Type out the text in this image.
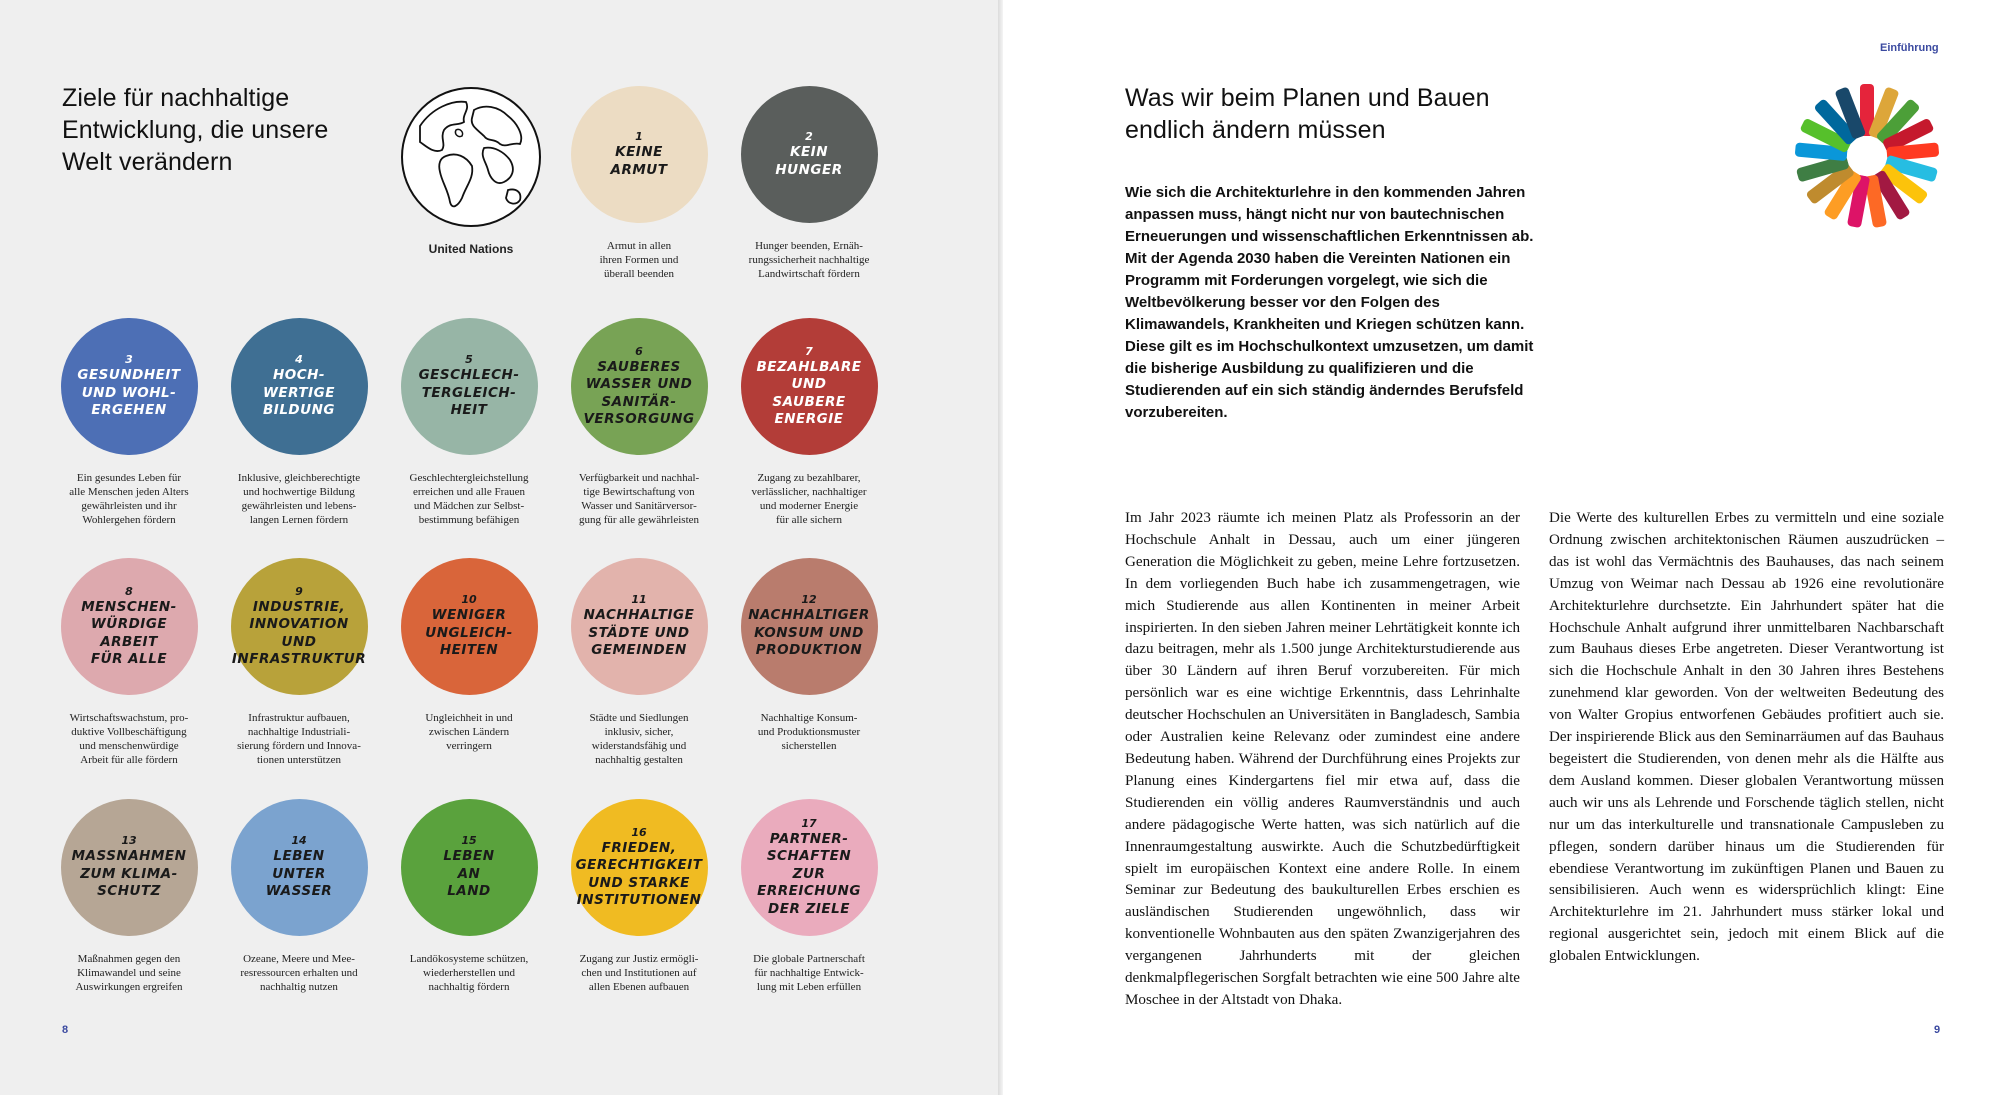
Ziele für nachhaltige
Entwicklung, die unsere
Welt verändern
United Nations
1
KEINE
ARMUT
Armut in allen
ihren Formen und
überall beenden
2
KEIN
HUNGER
Hunger beenden, Ernäh-
rungssicherheit nachhaltige
Landwirtschaft fördern
3
GESUNDHEIT
UND WOHL-
ERGEHEN
Ein gesundes Leben für
alle Menschen jeden Alters
gewährleisten und ihr
Wohlergehen fördern
4
HOCH-
WERTIGE
BILDUNG
Inklusive, gleichberechtigte
und hochwertige Bildung
gewährleisten und lebens-
langen Lernen fördern
5
GESCHLECH-
TERGLEICH-
HEIT
Geschlechtergleichstellung
erreichen und alle Frauen
und Mädchen zur Selbst-
bestimmung befähigen
6
SAUBERES
WASSER UND
SANITÄR-
VERSORGUNG
Verfügbarkeit und nachhal-
tige Bewirtschaftung von
Wasser und Sanitärversor-
gung für alle gewährleisten
7
BEZAHLBARE
UND SAUBERE
ENERGIE
Zugang zu bezahlbarer,
verlässlicher, nachhaltiger
und moderner Energie
für alle sichern
8
MENSCHEN-
WÜRDIGE
ARBEIT
FÜR ALLE
Wirtschaftswachstum, pro-
duktive Vollbeschäftigung
und menschenwürdige
Arbeit für alle fördern
9
INDUSTRIE,
INNOVATION UND
INFRASTRUKTUR
Infrastruktur aufbauen,
nachhaltige Industriali-
sierung fördern und Innova-
tionen unterstützen
10
WENIGER
UNGLEICH-
HEITEN
Ungleichheit in und
zwischen Ländern
verringern
11
NACHHALTIGE
STÄDTE UND
GEMEINDEN
Städte und Siedlungen
inklusiv, sicher,
widerstandsfähig und
nachhaltig gestalten
12
NACHHALTIGER
KONSUM UND
PRODUKTION
Nachhaltige Konsum-
und Produktionsmuster
sicherstellen
13
MASSNAHMEN
ZUM KLIMA-
SCHUTZ
Maßnahmen gegen den
Klimawandel und seine
Auswirkungen ergreifen
14
LEBEN
UNTER
WASSER
Ozeane, Meere und Mee-
resressourcen erhalten und
nachhaltig nutzen
15
LEBEN
AN
LAND
Landökosysteme schützen,
wiederherstellen und
nachhaltig fördern
16
FRIEDEN,
GERECHTIGKEIT
UND STARKE
INSTITUTIONEN
Zugang zur Justiz ermögli-
chen und Institutionen auf
allen Ebenen aufbauen
17
PARTNER-
SCHAFTEN ZUR
ERREICHUNG
DER ZIELE
Die globale Partnerschaft
für nachhaltige Entwick-
lung mit Leben erfüllen
8
Einführung
Was wir beim Planen und Bauen
endlich ändern müssen

Wie sich die Architekturlehre in den kommenden Jahren anpassen muss, hängt nicht nur von bautechnischen Erneuerungen und wissenschaftlichen Erkenntnissen ab. Mit der Agenda 2030 haben die Vereinten Nationen ein Programm mit Forderungen vorgelegt, wie sich die Weltbevölkerung besser vor den Folgen des Klimawandels, Krankheiten und Kriegen schützen kann. Diese gilt es im Hochschulkontext umzusetzen, um damit die bisherige Ausbildung zu qualifizieren und die Studierenden auf ein sich ständig änderndes Berufsfeld vorzubereiten.

Im Jahr 2023 räumte ich meinen Platz als Professorin an der Hochschule Anhalt in Dessau, auch um einer jüngeren Generation die Möglichkeit zu geben, meine Lehre fortzusetzen. In dem vorliegenden Buch habe ich zusammengetragen, wie mich Studierende aus allen Kontinenten in meiner Arbeit inspirierten. In den sieben Jahren meiner Lehrtätigkeit konnte ich dazu beitragen, mehr als 1.500 junge Architekturstudierende aus über 30 Ländern auf ihren Beruf vorzubereiten. Für mich persönlich war es eine wichtige Erkenntnis, dass Lehrinhalte deutscher Hochschulen an Universitäten in Bangladesch, Sambia oder Australien keine Relevanz oder zumindest eine andere Bedeutung haben. Während der Durchführung eines Projekts zur Planung eines Kindergartens fiel mir etwa auf, dass die Studierenden ein völlig anderes Raumverständnis und auch andere pädagogische Werte hatten, was sich natürlich auf die Innenraumgestaltung auswirkte. Auch die Schutzbedürftigkeit spielt im europäischen Kontext eine andere Rolle. In einem Seminar zur Bedeutung des baukulturellen Erbes erschien es ausländischen Studierenden ungewöhnlich, dass wir konventionelle Wohnbauten aus den späten Zwanzigerjahren des vergangenen Jahrhunderts mit der gleichen denkmalpflegerischen Sorgfalt betrachten wie eine 500 Jahre alte Moschee in der Altstadt von Dhaka.

Die Werte des kulturellen Erbes zu vermitteln und eine soziale Ordnung zwischen architektonischen Räumen auszudrücken – das ist wohl das Vermächtnis des Bauhauses, das nach seinem Umzug von Weimar nach Dessau ab 1926 eine revolutionäre Architekturlehre durchsetzte. Ein Jahrhundert später hat die Hochschule Anhalt aufgrund ihrer unmittelbaren Nachbarschaft zum Bauhaus dieses Erbe angetreten. Dieser Verantwortung ist sich die Hochschule Anhalt in den 30 Jahren ihres Bestehens zunehmend klar geworden. Von der weltweiten Bedeutung des von Walter Gropius entworfenen Gebäudes profitiert auch sie. Der inspirierende Blick aus den Seminarräumen auf das Bauhaus begeistert die Studierenden, von denen mehr als die Hälfte aus dem Ausland kommen. Dieser globalen Verantwortung müssen auch wir uns als Lehrende und Forschende täglich stellen, nicht nur um das interkulturelle und transnationale Campusleben zu pflegen, sondern darüber hinaus um die Studierenden für ebendiese Verantwortung im zukünftigen Planen und Bauen zu sensibilisieren. Auch wenn es widersprüchlich klingt: Eine Architekturlehre im 21. Jahrhundert muss stärker lokal und regional ausgerichtet sein, jedoch mit einem Blick auf die globalen Entwicklungen.

9
